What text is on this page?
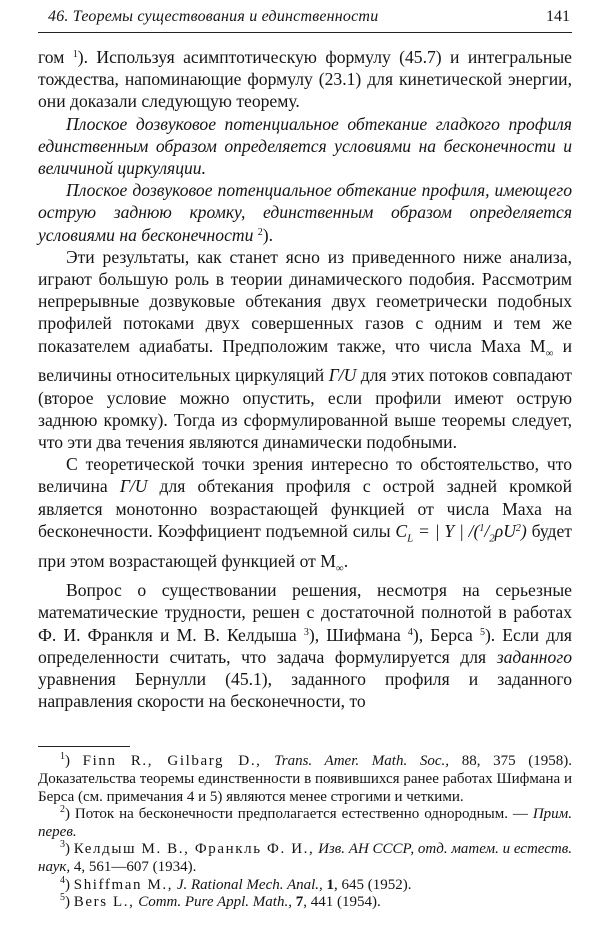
46. Теоремы существования и единственности	141

гом $^1$). Используя асимптотическую формулу (45.7) и интегральные тождества, напоминающие формулу (23.1) для кинетической энергии, они доказали следующую теорему.

Плоское дозвуковое потенциальное обтекание гладкого профиля единственным образом определяется условиями на бесконечности и величиной циркуляции.

Плоское дозвуковое потенциальное обтекание профиля, имеющего острую заднюю кромку, единственным образом определяется условиями на бесконечности $^2$).

Эти результаты, как станет ясно из приведенного ниже анализа, играют большую роль в теории динамического подобия. Рассмотрим непрерывные дозвуковые обтекания двух геометрически подобных профилей потоками двух совершенных газов с одним и тем же показателем адиабаты. Предположим также, что числа Маха $M_\infty$ и величины относительных циркуляций Γ/U для этих потоков совпадают (второе условие можно опустить, если профили имеют острую заднюю кромку). Тогда из сформулированной выше теоремы следует, что эти два течения являются динамически подобными.

С теоретической точки зрения интересно то обстоятельство, что величина Γ/U для обтекания профиля с острой задней кромкой является монотонно возрастающей функцией от числа Маха на бесконечности. Коэффициент подъемной силы $C_L$ = | Y | $/(^1/_2\rho U^2)$ будет при этом возрастающей функцией от $M_\infty$.

Вопрос о существовании решения, несмотря на серьезные математические трудности, решен с достаточной полнотой в работах Ф. И. Франкля и М. В. Келдыша $^3$), Шифмана $^4$), Берса $^5$). Если для определенности считать, что задача формулируется для заданного уравнения Бернулли (45.1), заданного профиля и заданного направления скорости на бесконечности, то

$^1$) Finn R., Gilbarg D., Trans. Amer. Math. Soc., 88, 375 (1958). Доказательства теоремы единственности в появившихся ранее работах Шифмана и Берса (см. примечания 4 и 5) являются менее строгими и четкими.

$^2$) Поток на бесконечности предполагается естественно однородным. — Прим. перев.

$^3$) Келдыш М. В., Франкль Ф. И., Изв. АН СССР, отд. матем. и естеств. наук, 4, 561—607 (1934).

$^4$) Shiffman M., J. Rational Mech. Anal., 1, 645 (1952).

$^5$) Bers L., Comm. Pure Appl. Math., 7, 441 (1954).
